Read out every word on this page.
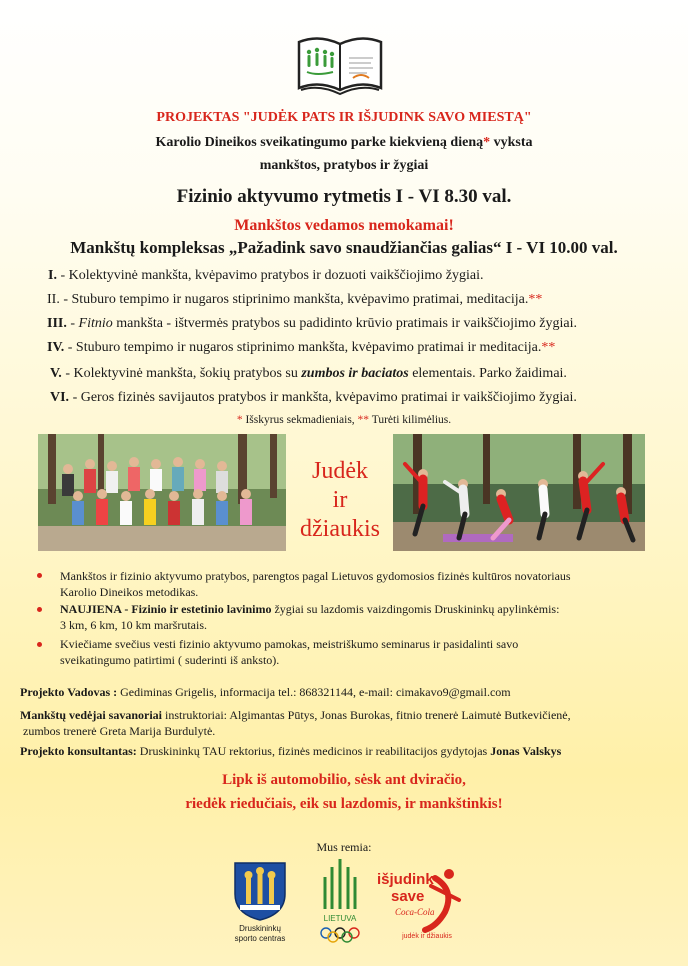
PROJEKTAS "JUDĖK PATS IR IŠJUDINK SAVO MIESTĄ"
Karolio Dineikos sveikatingumo parke kiekvieną dieną* vyksta
mankštos, pratybos ir žygiai
Fizinio aktyvumo rytmetis I - VI 8.30 val.
Mankštos vedamos nemokamai!
Mankštų kompleksas „Pažadink savo snaudžiančias galias“ I - VI 10.00 val.
I. - Kolektyvinė mankšta, kvėpavimo pratybos ir dozuoti vaikščiojimo žygiai.
II. - Stuburo tempimo ir nugaros stiprinimo mankšta, kvėpavimo pratimai, meditacija.**
III. - Fitnio mankšta - ištvermės pratybos su padidinto krūvio pratimais ir vaikščiojimo žygiai.
IV. - Stuburo tempimo ir nugaros stiprinimo mankšta, kvėpavimo pratimai ir meditacija.**
V. - Kolektyvinė mankšta, šokių pratybos su zumbos ir baciatos elementais. Parko žaidimai.
VI. - Geros fizinės savijautos pratybos ir mankšta, kvėpavimo pratimai ir vaikščiojimo žygiai.
* Išskyrus sekmadieniais, ** Turėti kilimėlius.
Judėk
ir
džiaukis
Mankštos ir fizinio aktyvumo pratybos, parengtos pagal Lietuvos gydomosios fizinės kultūros novatoriaus
Karolio Dineikos metodikas.
NAUJIENA - Fizinio ir estetinio lavinimo žygiai su lazdomis vaizdingomis Druskininkų apylinkėmis:
3 km, 6 km, 10 km maršrutais.
Kviečiame svečius vesti fizinio aktyvumo pamokas, meistriškumo seminarus ir pasidalinti savo
sveikatingumo patirtimi ( suderinti iš anksto).
Projekto Vadovas : Gediminas Grigelis, informacija tel.: 868321144, e-mail: cimakavo9@gmail.com
Mankštų vedėjai savanoriai instruktoriai: Algimantas Pūtys, Jonas Burokas, fitnio trenerė Laimutė Butkevičienė,
zumbos trenerė Greta Marija Burdulytė.
Projekto konsultantas: Druskininkų TAU rektorius, fizinės medicinos ir reabilitacijos gydytojas Jonas Valskys
Lipk iš automobilio, sėsk ant dviračio,
riedėk riedučiais, eik su lazdomis, ir mankštinkis!
Mus remia:
Druskininkų
sporto centras
LIETUVA
išjudink
save
Coca-Cola
judėk ir džiaukis
